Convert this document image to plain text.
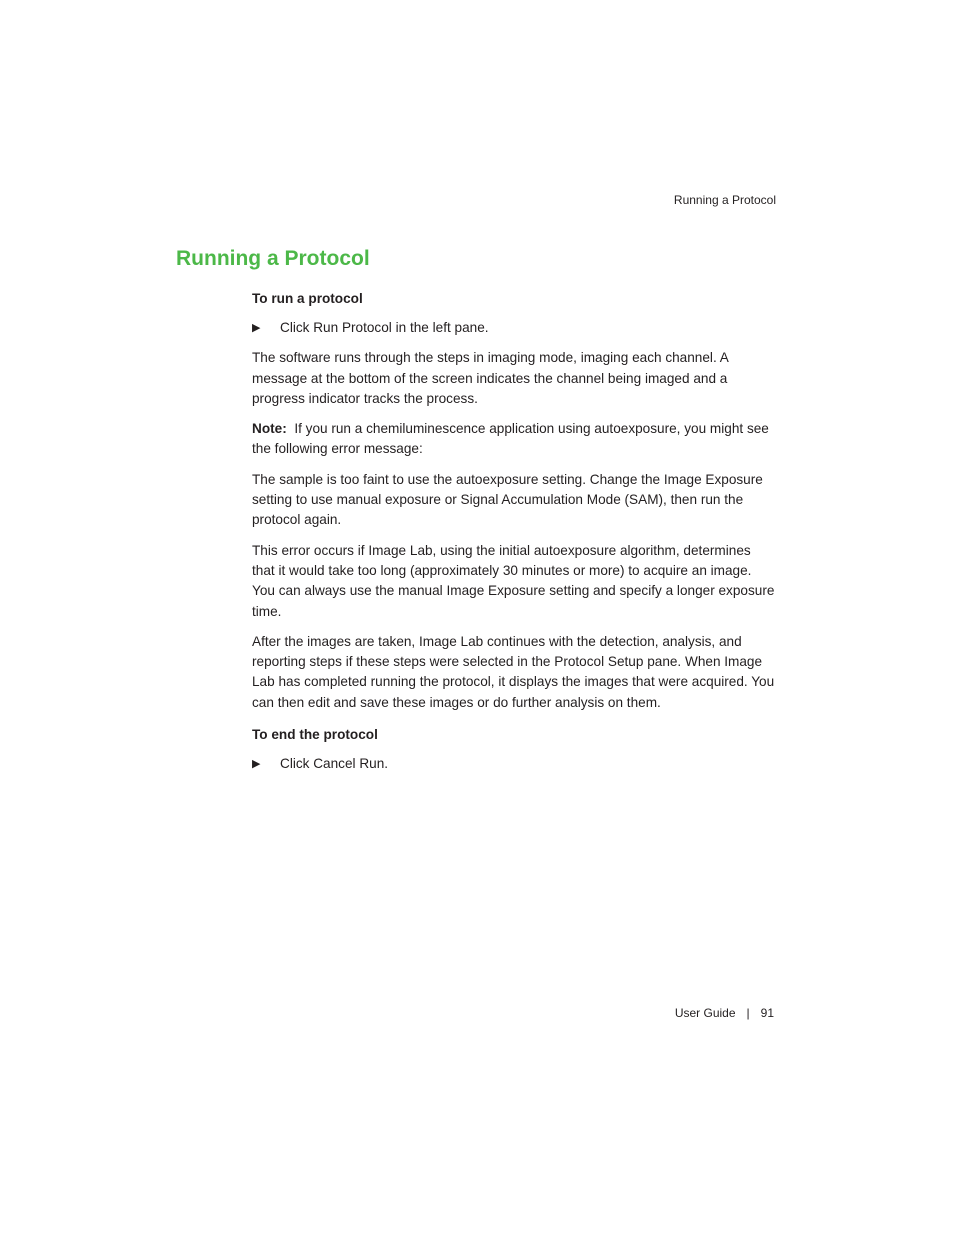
Running a Protocol
Running a Protocol

To run a protocol

▶ Click Run Protocol in the left pane.

The software runs through the steps in imaging mode, imaging each channel. A message at the bottom of the screen indicates the channel being imaged and a progress indicator tracks the process.

Note: If you run a chemiluminescence application using autoexposure, you might see the following error message:

The sample is too faint to use the autoexposure setting. Change the Image Exposure setting to use manual exposure or Signal Accumulation Mode (SAM), then run the protocol again.

This error occurs if Image Lab, using the initial autoexposure algorithm, determines that it would take too long (approximately 30 minutes or more) to acquire an image. You can always use the manual Image Exposure setting and specify a longer exposure time.

After the images are taken, Image Lab continues with the detection, analysis, and reporting steps if these steps were selected in the Protocol Setup pane. When Image Lab has completed running the protocol, it displays the images that were acquired. You can then edit and save these images or do further analysis on them.

To end the protocol

▶ Click Cancel Run.
User Guide | 91
